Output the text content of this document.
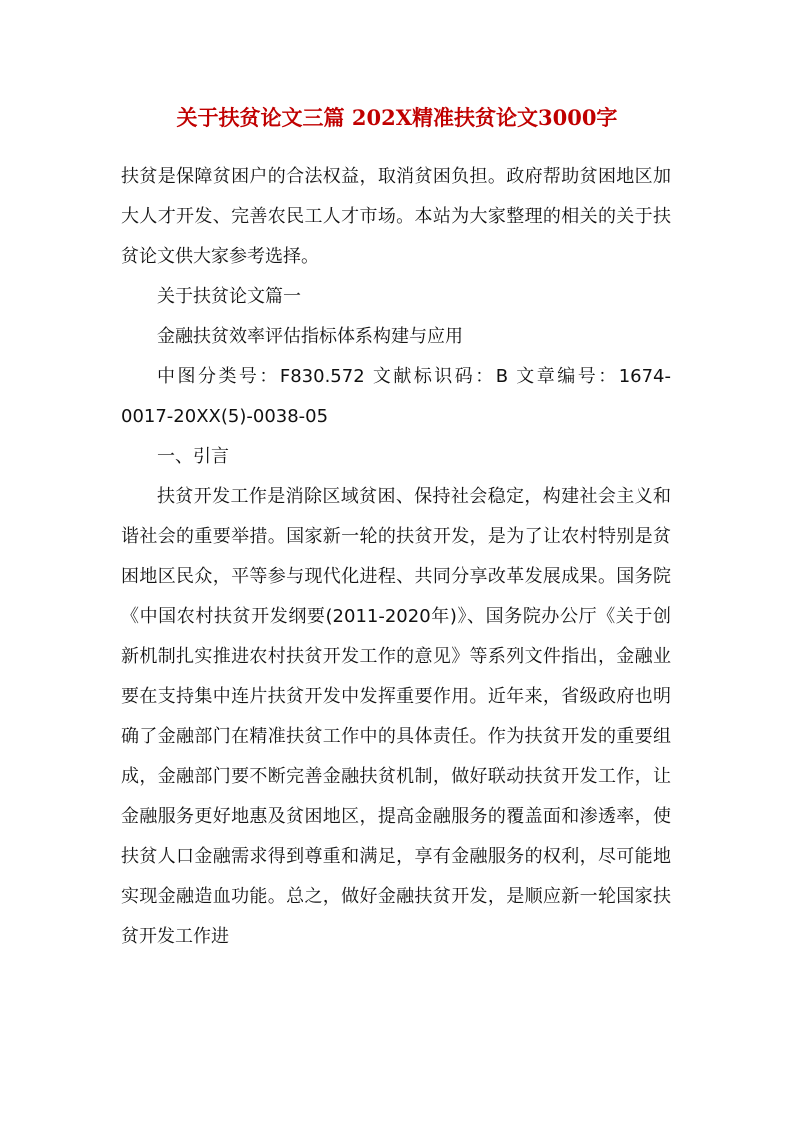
关于扶贫论文三篇 202X精准扶贫论文3000字

扶贫是保障贫困户的合法权益，取消贫困负担。政府帮助贫困地区加大人才开发、完善农民工人才市场。本站为大家整理的相关的关于扶贫论文供大家参考选择。

关于扶贫论文篇一

金融扶贫效率评估指标体系构建与应用

中图分类号：F830.572 文献标识码：B 文章编号：1674-0017-20XX(5)-0038-05

一、引言

扶贫开发工作是消除区域贫困、保持社会稳定，构建社会主义和谐社会的重要举措。国家新一轮的扶贫开发，是为了让农村特别是贫困地区民众，平等参与现代化进程、共同分享改革发展成果。国务院《中国农村扶贫开发纲要(2011-2020年)》、国务院办公厅《关于创新机制扎实推进农村扶贫开发工作的意见》等系列文件指出，金融业要在支持集中连片扶贫开发中发挥重要作用。近年来，省级政府也明确了金融部门在精准扶贫工作中的具体责任。作为扶贫开发的重要组成，金融部门要不断完善金融扶贫机制，做好联动扶贫开发工作，让金融服务更好地惠及贫困地区，提高金融服务的覆盖面和渗透率，使扶贫人口金融需求得到尊重和满足，享有金融服务的权利，尽可能地实现金融造血功能。总之，做好金融扶贫开发，是顺应新一轮国家扶贫开发工作进
